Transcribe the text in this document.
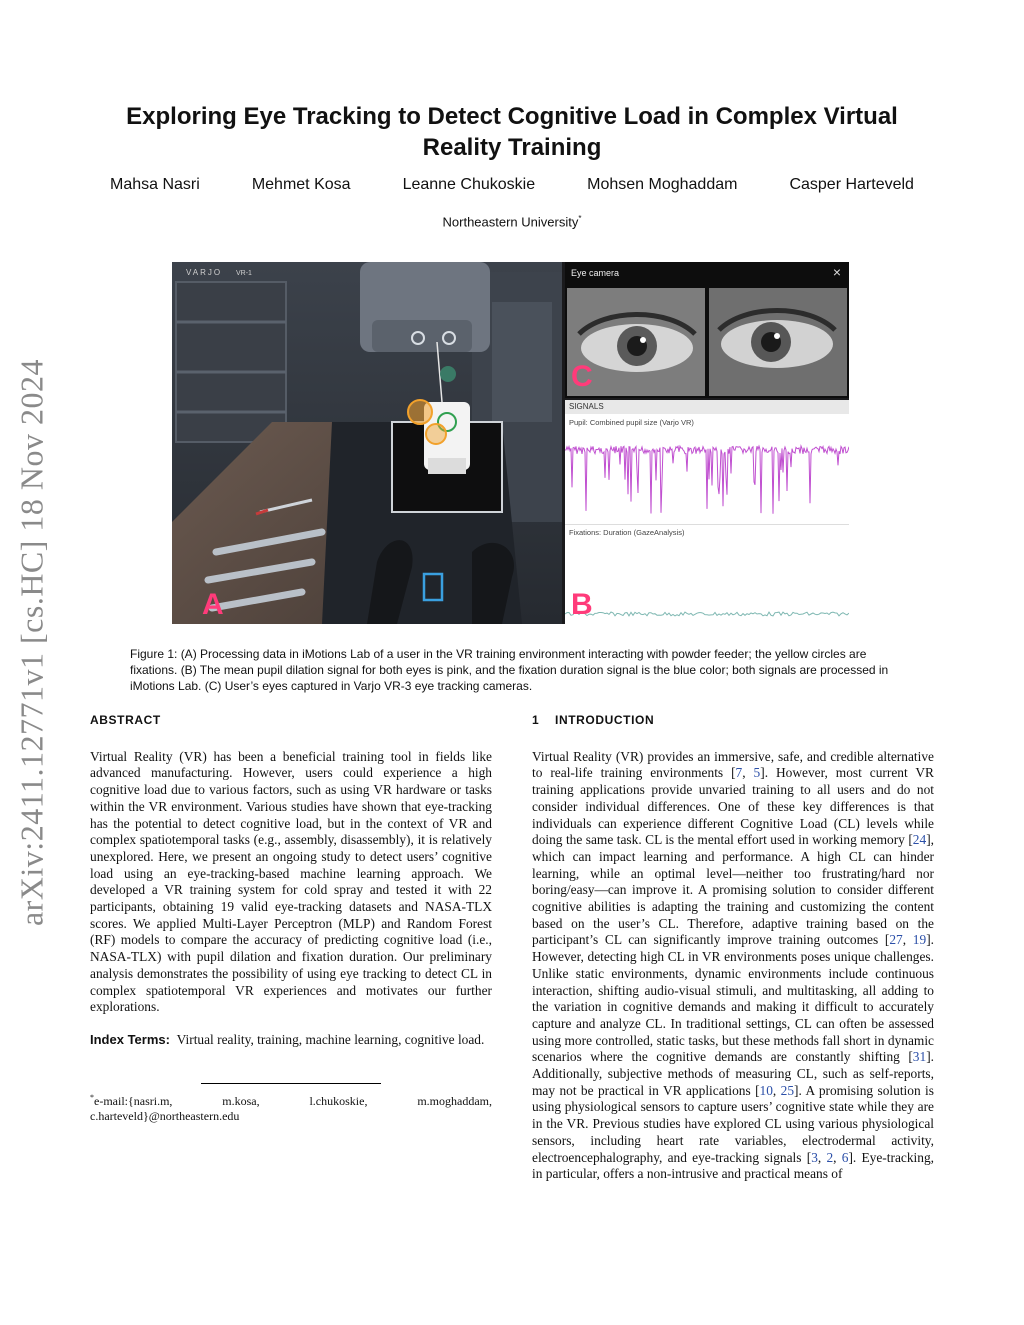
arXiv:2411.12771v1 [cs.HC] 18 Nov 2024
Exploring Eye Tracking to Detect Cognitive Load in Complex Virtual
Reality Training
Mahsa Nasri	Mehmet Kosa	Leanne Chukoskie	Mohsen Moghaddam	Casper Harteveld
Northeastern University*
VARJO VR-1
A
Eye camera	×
C
SIGNALS
Pupil: Combined pupil size (Varjo VR)
Fixations: Duration (GazeAnalysis)
B
Figure 1: (A) Processing data in iMotions Lab of a user in the VR training environment interacting with powder feeder; the yellow circles are fixations. (B) The mean pupil dilation signal for both eyes is pink, and the fixation duration signal is the blue color; both signals are processed in iMotions Lab. (C) User’s eyes captured in Varjo VR-3 eye tracking cameras.
ABSTRACT

Virtual Reality (VR) has been a beneficial training tool in fields like advanced manufacturing. However, users could experience a high cognitive load due to various factors, such as using VR hardware or tasks within the VR environment. Various studies have shown that eye-tracking has the potential to detect cognitive load, but in the context of VR and complex spatiotemporal tasks (e.g., assembly, disassembly), it is relatively unexplored. Here, we present an ongoing study to detect users’ cognitive load using an eye-tracking-based machine learning approach. We developed a VR training system for cold spray and tested it with 22 participants, obtaining 19 valid eye-tracking datasets and NASA-TLX scores. We applied Multi-Layer Perceptron (MLP) and Random Forest (RF) models to compare the accuracy of predicting cognitive load (i.e., NASA-TLX) with pupil dilation and fixation duration. Our preliminary analysis demonstrates the possibility of using eye tracking to detect CL in complex spatiotemporal VR experiences and motivates our further explorations.

Index Terms: Virtual reality, training, machine learning, cognitive load.

*e-mail:{nasri.m, m.kosa, l.chukoskie, m.moghaddam, c.harteveld}@northeastern.edu

1 INTRODUCTION

Virtual Reality (VR) provides an immersive, safe, and credible alternative to real-life training environments [7, 5]. However, most current VR training applications provide unvaried training to all users and do not consider individual differences. One of these key differences is that individuals can experience different Cognitive Load (CL) levels while doing the same task. CL is the mental effort used in working memory [24], which can impact learning and performance. A high CL can hinder learning, while an optimal level—neither too frustrating/hard nor boring/easy—can improve it. A promising solution to consider different cognitive abilities is adapting the training and customizing the content based on the user’s CL. Therefore, adaptive training based on the participant’s CL can significantly improve training outcomes [27, 19]. However, detecting high CL in VR environments poses unique challenges. Unlike static environments, dynamic environments include continuous interaction, shifting audio-visual stimuli, and multitasking, all adding to the variation in cognitive demands and making it difficult to accurately capture and analyze CL. In traditional settings, CL can often be assessed using more controlled, static tasks, but these methods fall short in dynamic scenarios where the cognitive demands are constantly shifting [31]. Additionally, subjective methods of measuring CL, such as self-reports, may not be practical in VR applications [10, 25]. A promising solution is using physiological sensors to capture users’ cognitive state while they are in the VR. Previous studies have explored CL using various physiological sensors, including heart rate variables, electrodermal activity, electroencephalography, and eye-tracking signals [3, 2, 6]. Eye-tracking, in particular, offers a non-intrusive and practical means of
